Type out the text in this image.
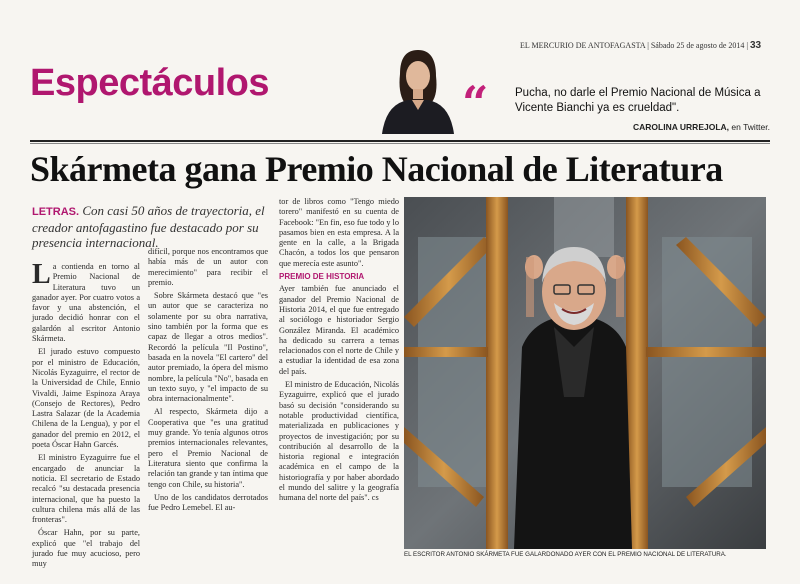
EL MERCURIO DE ANTOFAGASTA | Sábado 25 de agosto de 2014 | 33
Espectáculos	“ Pucha, no darle el Premio Nacional de Música a Vicente Bianchi ya es crueldad".
CAROLINA URREJOLA, en Twitter.
Skármeta gana Premio Nacional de Literatura
LETRAS. Con casi 50 años de trayectoria, el creador antofagastino fue destacado por su presencia internacional.

La contienda en torno al Premio Nacional de Literatura tuvo un ganador ayer. Por cuatro votos a favor y una abstención, el jurado decidió honrar con el galardón al escritor Antonio Skármeta.

El jurado estuvo compuesto por el ministro de Educación, Nicolás Eyzaguirre, el rector de la Universidad de Chile, Ennio Vivaldi, Jaime Espinoza Araya (Consejo de Rectores), Pedro Lastra Salazar (de la Academia Chilena de la Lengua), y por el ganador del premio en 2012, el poeta Óscar Hahn Garcés.

El ministro Eyzaguirre fue el encargado de anunciar la noticia. El secretario de Estado recalcó "su destacada presencia internacional, que ha puesto la cultura chilena más allá de las fronteras".

Óscar Hahn, por su parte, explicó que "el trabajo del jurado fue muy acucioso, pero muy

difícil, porque nos encontramos que había más de un autor con merecimiento" para recibir el premio.

Sobre Skármeta destacó que "es un autor que se caracteriza no solamente por su obra narrativa, sino también por la forma que es capaz de llegar a otros medios". Recordó la película "Il Postino", basada en la novela "El cartero" del autor premiado, la ópera del mismo nombre, la película "No", basada en un texto suyo, y "el impacto de su obra internacionalmente".

Al respecto, Skármeta dijo a Cooperativa que "es una gratitud muy grande. Yo tenía algunos otros premios internacionales relevantes, pero el Premio Nacional de Literatura siento que confirma la relación tan grande y tan íntima que tengo con Chile, su historia".

Uno de los candidatos derrotados fue Pedro Lemebel. El au-

tor de libros como "Tengo miedo torero" manifestó en su cuenta de Facebook: "En fin, eso fue todo y lo pasamos bien en esta empresa. A la gente en la calle, a la Brigada Chacón, a todos los que pensaron que merecía este asunto".

PREMIO DE HISTORIA

Ayer también fue anunciado el ganador del Premio Nacional de Historia 2014, el que fue entregado al sociólogo e historiador Sergio González Miranda. El académico ha dedicado su carrera a temas relacionados con el norte de Chile y a estudiar la identidad de esa zona del país.

El ministro de Educación, Nicolás Eyzaguirre, explicó que el jurado basó su decisión "considerando su notable productividad científica, materializada en publicaciones y proyectos de investigación; por su contribución al desarrollo de la historia regional e integración académica en el campo de la historiografía y por haber abordado el mundo del salitre y la geografía humana del norte del país". cs

EL ESCRITOR ANTONIO SKÁRMETA FUE GALARDONADO AYER CON EL PREMIO NACIONAL DE LITERATURA.
